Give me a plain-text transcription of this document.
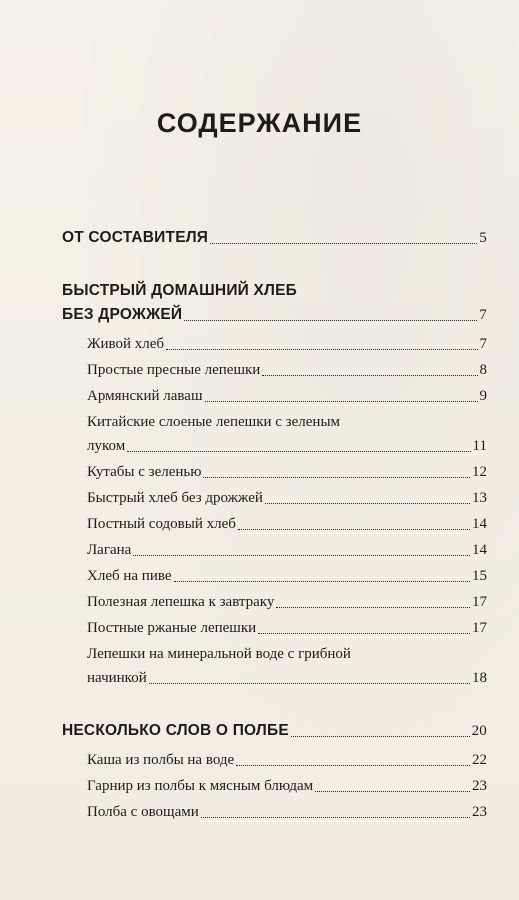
СОДЕРЖАНИЕ
ОТ СОСТАВИТЕЛЯ	5
БЫСТРЫЙ ДОМАШНИЙ ХЛЕБ
БЕЗ ДРОЖЖЕЙ	7
Живой хлеб	7
Простые пресные лепешки	8
Армянский лаваш	9
Китайские слоеные лепешки с зеленым
луком	11
Кутабы с зеленью	12
Быстрый хлеб без дрожжей	13
Постный содовый хлеб	14
Лагана	14
Хлеб на пиве	15
Полезная лепешка к завтраку	17
Постные ржаные лепешки	17
Лепешки на минеральной воде с грибной
начинкой	18
НЕСКОЛЬКО СЛОВ О ПОЛБЕ	20
Каша из полбы на воде	22
Гарнир из полбы к мясным блюдам	23
Полба с овощами	23
